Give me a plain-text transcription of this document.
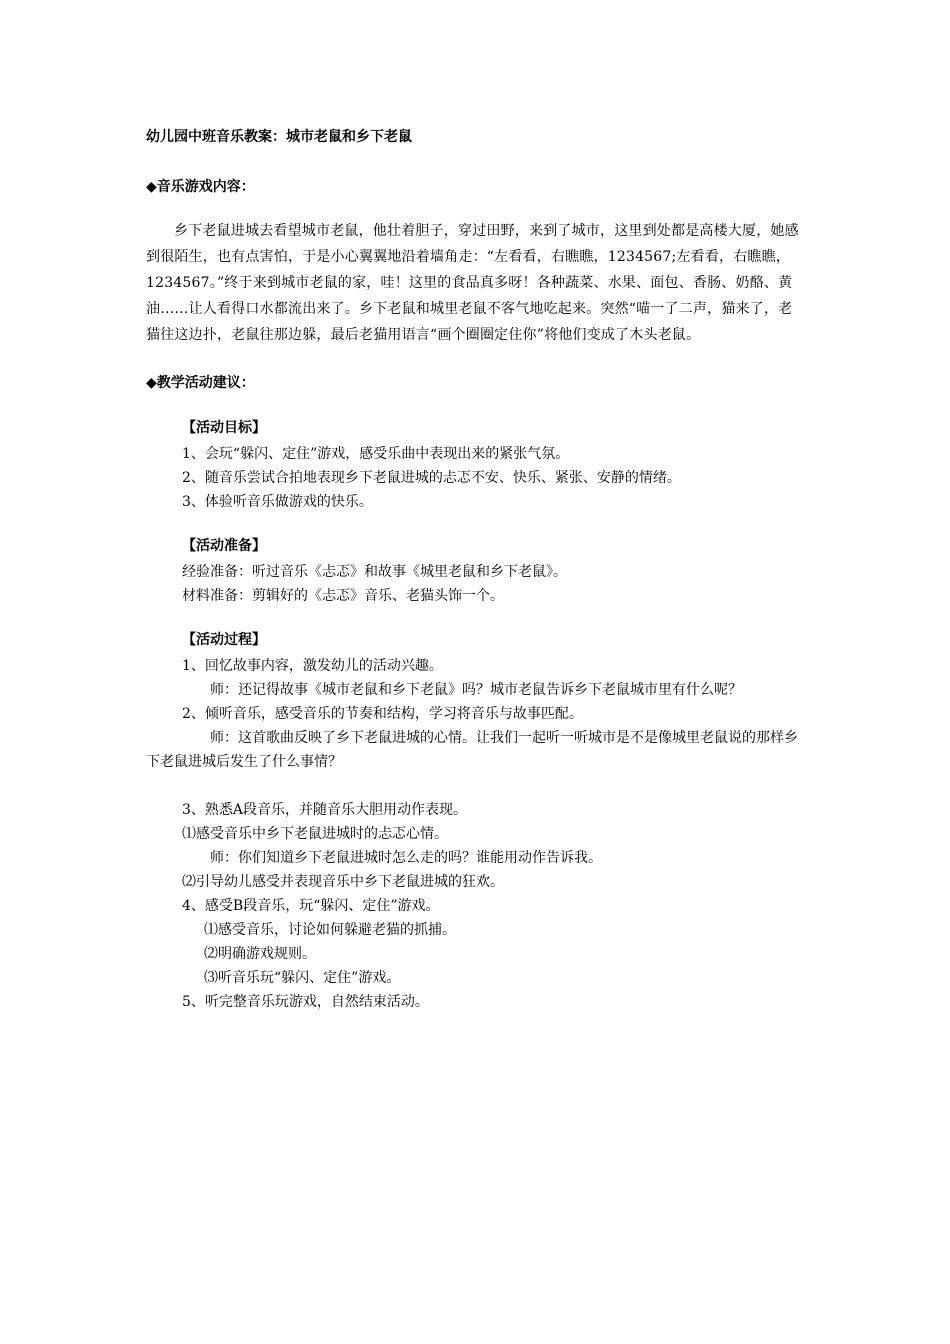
幼儿园中班音乐教案：城市老鼠和乡下老鼠

◆音乐游戏内容：

乡下老鼠进城去看望城市老鼠，他壮着胆子，穿过田野，来到了城市，这里到处都是高楼大厦，她感到很陌生，也有点害怕，于是小心翼翼地沿着墙角走：“左看看，右瞧瞧，1234567;左看看，右瞧瞧，1234567。”终于来到城市老鼠的家，哇！这里的食品真多呀！各种蔬菜、水果、面包、香肠、奶酪、黄油……让人看得口水都流出来了。乡下老鼠和城里老鼠不客气地吃起来。突然“喵一了二声，猫来了，老猫往这边扑，老鼠往那边躲，最后老猫用语言“画个圈圈定住你”将他们变成了木头老鼠。

◆教学活动建议：

【活动目标】

1、会玩“躲闪、定住”游戏，感受乐曲中表现出来的紧张气氛。

2、随音乐尝试合拍地表现乡下老鼠进城的忐忑不安、快乐、紧张、安静的情绪。

3、体验听音乐做游戏的快乐。

【活动准备】

经验准备：听过音乐《忐忑》和故事《城里老鼠和乡下老鼠》。

材料准备：剪辑好的《忐忑》音乐、老猫头饰一个。

【活动过程】

1、回忆故事内容，激发幼儿的活动兴趣。

师：还记得故事《城市老鼠和乡下老鼠》吗？城市老鼠告诉乡下老鼠城市里有什么呢？

2、倾听音乐，感受音乐的节奏和结构，学习将音乐与故事匹配。

师：这首歌曲反映了乡下老鼠进城的心情。让我们一起听一听城市是不是像城里老鼠说的那样乡下老鼠进城后发生了什么事情？

3、熟悉A段音乐，并随音乐大胆用动作表现。

⑴感受音乐中乡下老鼠进城时的忐忑心情。

师：你们知道乡下老鼠进城时怎么走的吗？谁能用动作告诉我。

⑵引导幼儿感受并表现音乐中乡下老鼠进城的狂欢。

4、感受B段音乐，玩“躲闪、定住”游戏。

⑴感受音乐，讨论如何躲避老猫的抓捕。

⑵明确游戏规则。

⑶听音乐玩“躲闪、定住”游戏。

5、听完整音乐玩游戏，自然结束活动。
